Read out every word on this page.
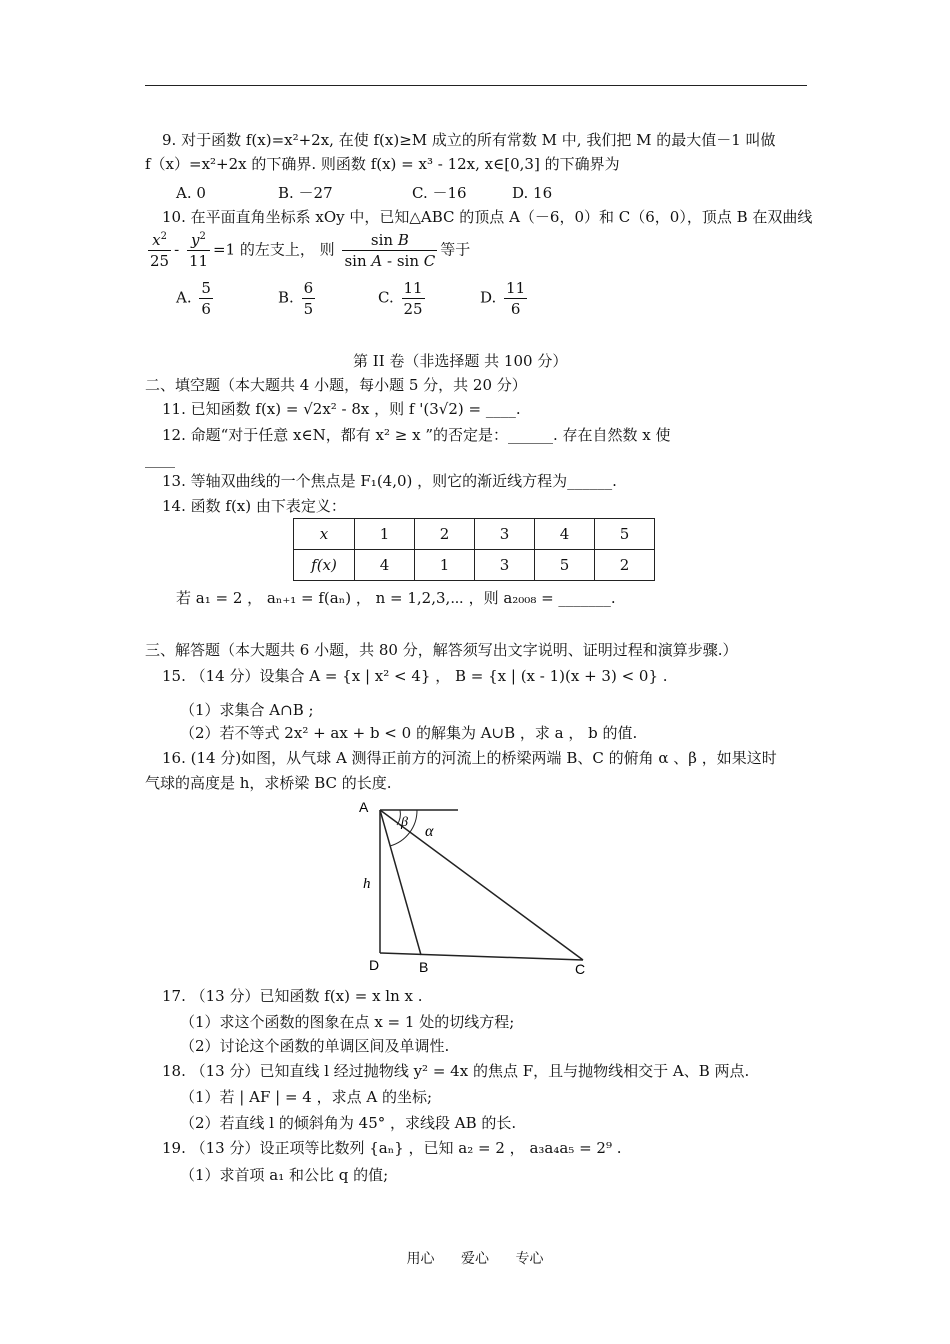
9. 对于函数 f(x)=x²+2x, 在使 f(x)≥M 成立的所有常数 M 中, 我们把 M 的最大值－1 叫做
f（x）=x²+2x 的下确界. 则函数 f(x) = x³ - 12x, x∈[0,3] 的下确界为
A. 0	B. －27	C. －16	D. 16
10. 在平面直角坐标系 xOy 中，已知△ABC 的顶点 A（－6，0）和 C（6，0），顶点 B 在双曲线
$\frac{x^2}{25} - \frac{y^2}{11} =1$ 的左支上， 则 $\frac{\text{sin B}}{\text{sin A - sin C}}$ 等于
A. $\frac{5}{6}$	B. $\frac{6}{5}$	C. $\frac{11}{25}$	D. $\frac{11}{6}$
第 II 卷（非选择题 共 100 分）
二、填空题（本大题共 4 小题，每小题 5 分，共 20 分）
11. 已知函数 f(x) = √2x² - 8x ，则 f '(3√2) = ____.
12. 命题“对于任意 x∈N，都有 x² ≥ x ”的否定是：______. 存在自然数 x 使
____
13. 等轴双曲线的一个焦点是 F₁(4,0) ，则它的渐近线方程为______.
14. 函数 f(x) 由下表定义：
x	1	2	3	4	5
f(x)	4	1	3	5	2
若 a₁ = 2 ， aₙ₊₁ = f(aₙ) ， n = 1,2,3,⋯ ，则 a₂₀₀₈ = _______.
三、解答题（本大题共 6 小题，共 80 分，解答须写出文字说明、证明过程和演算步骤.）
15. （14 分）设集合 A = {x | x² < 4} ， B = {x | (x - 1)(x + 3) < 0} .
（1）求集合 A∩B ;
（2）若不等式 2x² + ax + b < 0 的解集为 A∪B ，求 a ， b 的值.
16. (14 分)如图，从气球 A 测得正前方的河流上的桥梁两端 B、C 的俯角 α 、β ，如果这时
气球的高度是 h，求桥梁 BC 的长度.
A
β
α
h
D	B	C
17. （13 分）已知函数 f(x) = x ln x .
（1）求这个函数的图象在点 x = 1 处的切线方程;
（2）讨论这个函数的单调区间及单调性.
18. （13 分）已知直线 l 经过抛物线 y² = 4x 的焦点 F，且与抛物线相交于 A、B 两点.
（1）若 | AF | = 4 ，求点 A 的坐标;
（2）若直线 l 的倾斜角为 45° ，求线段 AB 的长.
19. （13 分）设正项等比数列 {aₙ} ，已知 a₂ = 2 ， a₃a₄a₅ = 2⁹ .
（1）求首项 a₁ 和公比 q 的值;
用心 爱心 专心
